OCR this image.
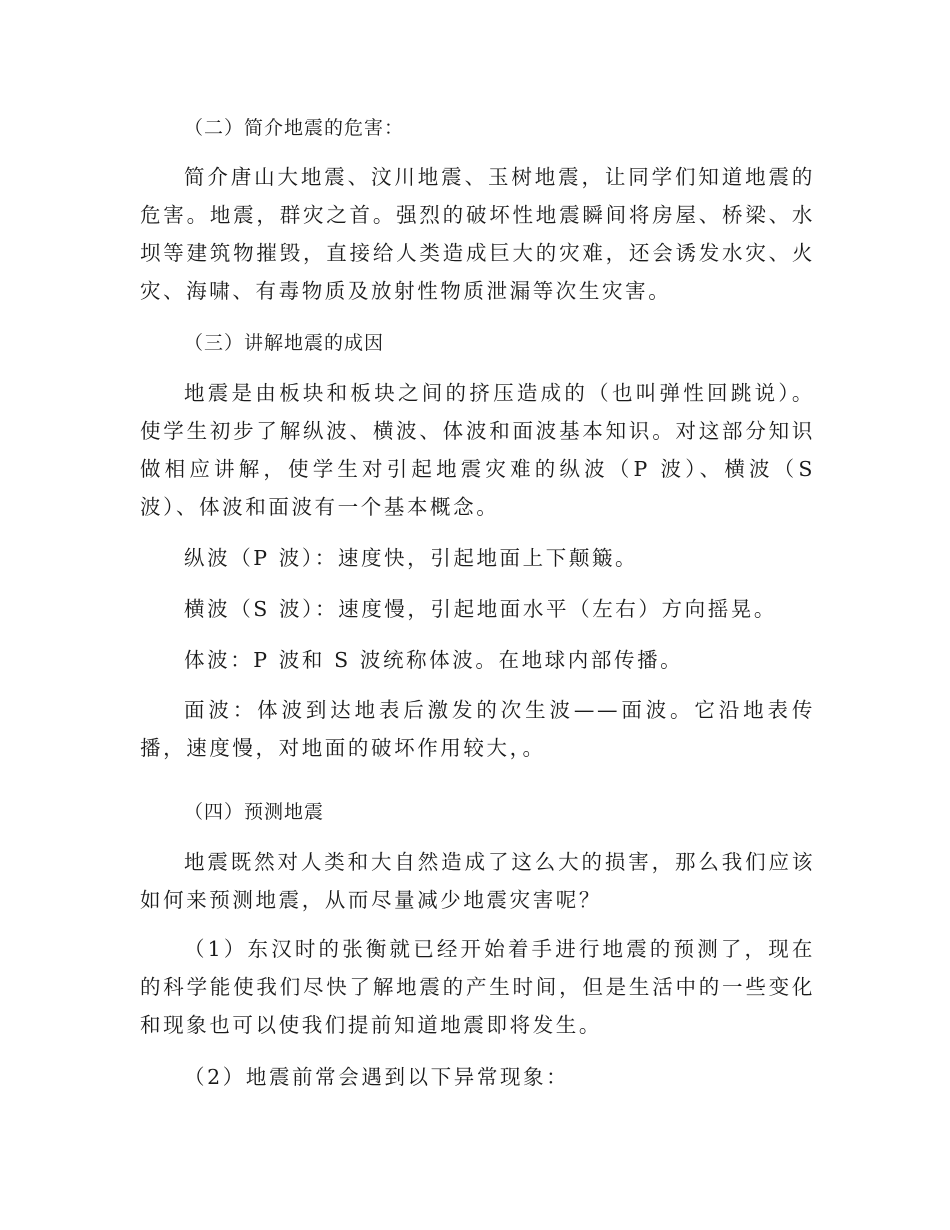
（二）简介地震的危害：

简介唐山大地震、汶川地震、玉树地震，让同学们知道地震的危害。地震，群灾之首。强烈的破坏性地震瞬间将房屋、桥梁、水坝等建筑物摧毁，直接给人类造成巨大的灾难，还会诱发水灾、火灾、海啸、有毒物质及放射性物质泄漏等次生灾害。

（三）讲解地震的成因

地震是由板块和板块之间的挤压造成的（也叫弹性回跳说）。使学生初步了解纵波、横波、体波和面波基本知识。对这部分知识做相应讲解，使学生对引起地震灾难的纵波（P 波）、横波（S 波）、体波和面波有一个基本概念。

纵波（P 波）：速度快，引起地面上下颠簸。

横波（S 波）：速度慢，引起地面水平（左右）方向摇晃。

体波：P 波和 S 波统称体波。在地球内部传播。

面波：体波到达地表后激发的次生波——面波。它沿地表传播，速度慢，对地面的破坏作用较大，。

（四）预测地震

地震既然对人类和大自然造成了这么大的损害，那么我们应该如何来预测地震，从而尽量减少地震灾害呢？

（1）东汉时的张衡就已经开始着手进行地震的预测了，现在的科学能使我们尽快了解地震的产生时间，但是生活中的一些变化和现象也可以使我们提前知道地震即将发生。

（2）地震前常会遇到以下异常现象：
